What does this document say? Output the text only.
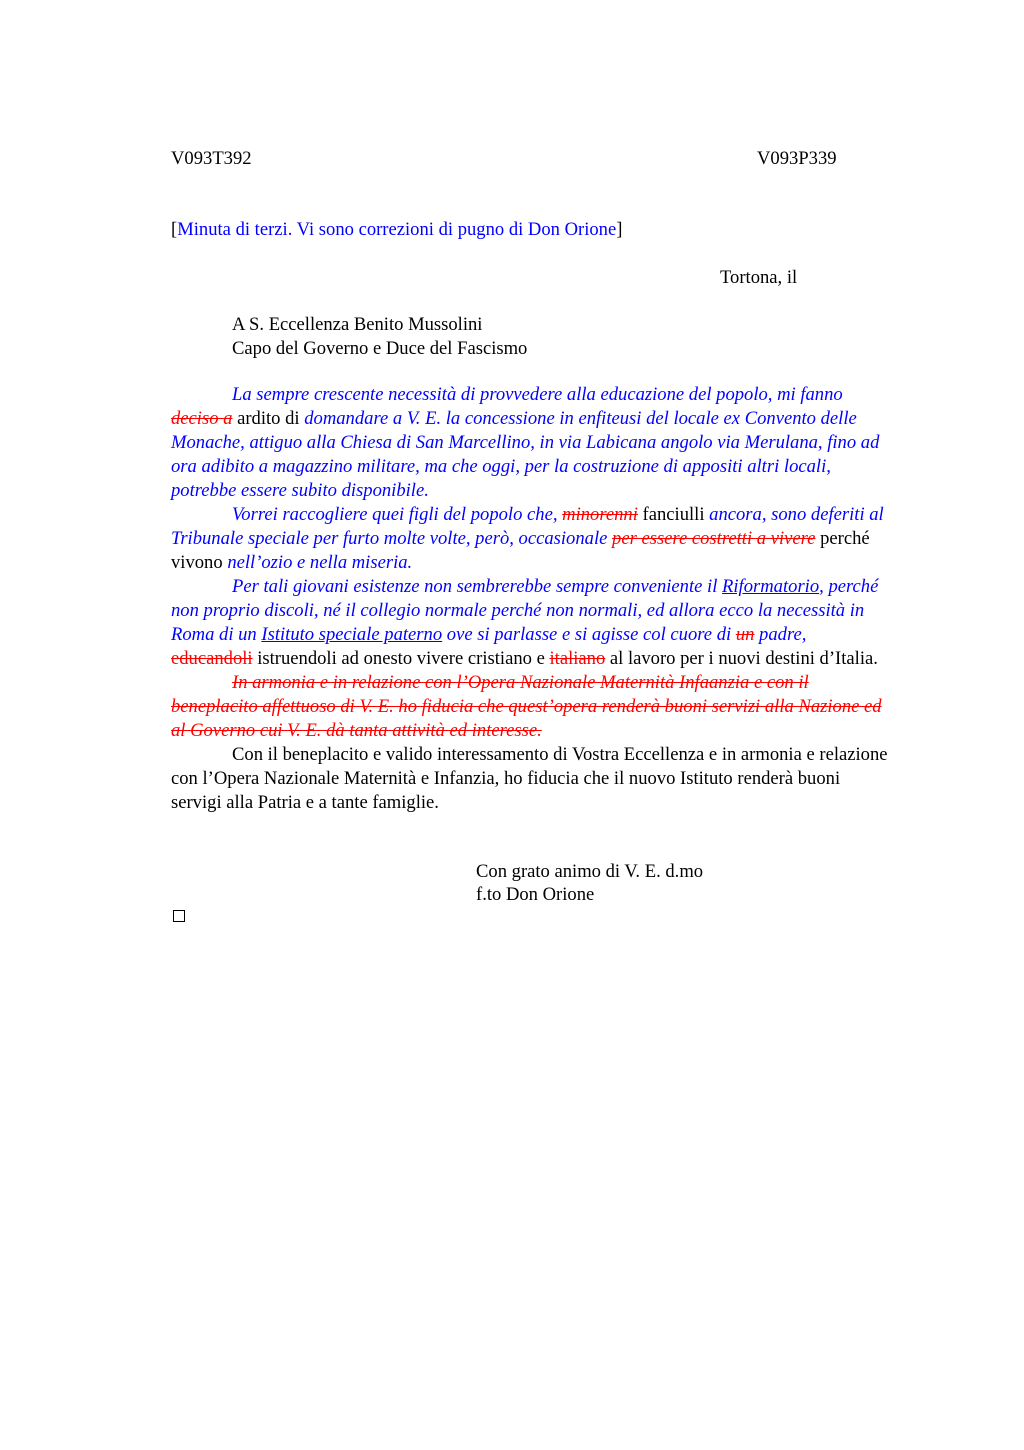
V093T392	V093P339
[Minuta di terzi. Vi sono correzioni di pugno di Don Orione]
Tortona, il
A S. Eccellenza Benito Mussolini
Capo del Governo e Duce del Fascismo

La sempre crescente necessità di provvedere alla educazione del popolo, mi fanno deciso a ardito di domandare a V. E. la concessione in enfiteusi del locale ex Convento delle Monache, attiguo alla Chiesa di San Marcellino, in via Labicana angolo via Merulana, fino ad ora adibito a magazzino militare, ma che oggi, per la costruzione di appositi altri locali, potrebbe essere subito disponibile.

Vorrei raccogliere quei figli del popolo che, minorenni fanciulli ancora, sono deferiti al Tribunale speciale per furto molte volte, però, occasionale per essere costretti a vivere perché vivono nell’ozio e nella miseria.

Per tali giovani esistenze non sembrerebbe sempre conveniente il Riformatorio, perché non proprio discoli, né il collegio normale perché non normali, ed allora ecco la necessità in Roma di un Istituto speciale paterno ove si parlasse e si agisse col cuore di un padre, educandoli istruendoli ad onesto vivere cristiano e italiano al lavoro per i nuovi destini d’Italia.

In armonia e in relazione con l’Opera Nazionale Maternità Infaanzia e con il beneplacito affettuoso di V. E. ho fiducia che quest’opera renderà buoni servizi alla Nazione ed al Governo cui V. E. dà tanta attività ed interesse.

Con il beneplacito e valido interessamento di Vostra Eccellenza e in armonia e relazione con l’Opera Nazionale Maternità e Infanzia, ho fiducia che il nuovo Istituto renderà buoni servigi alla Patria e a tante famiglie.

Con grato animo di V. E. d.mo
f.to Don Orione
